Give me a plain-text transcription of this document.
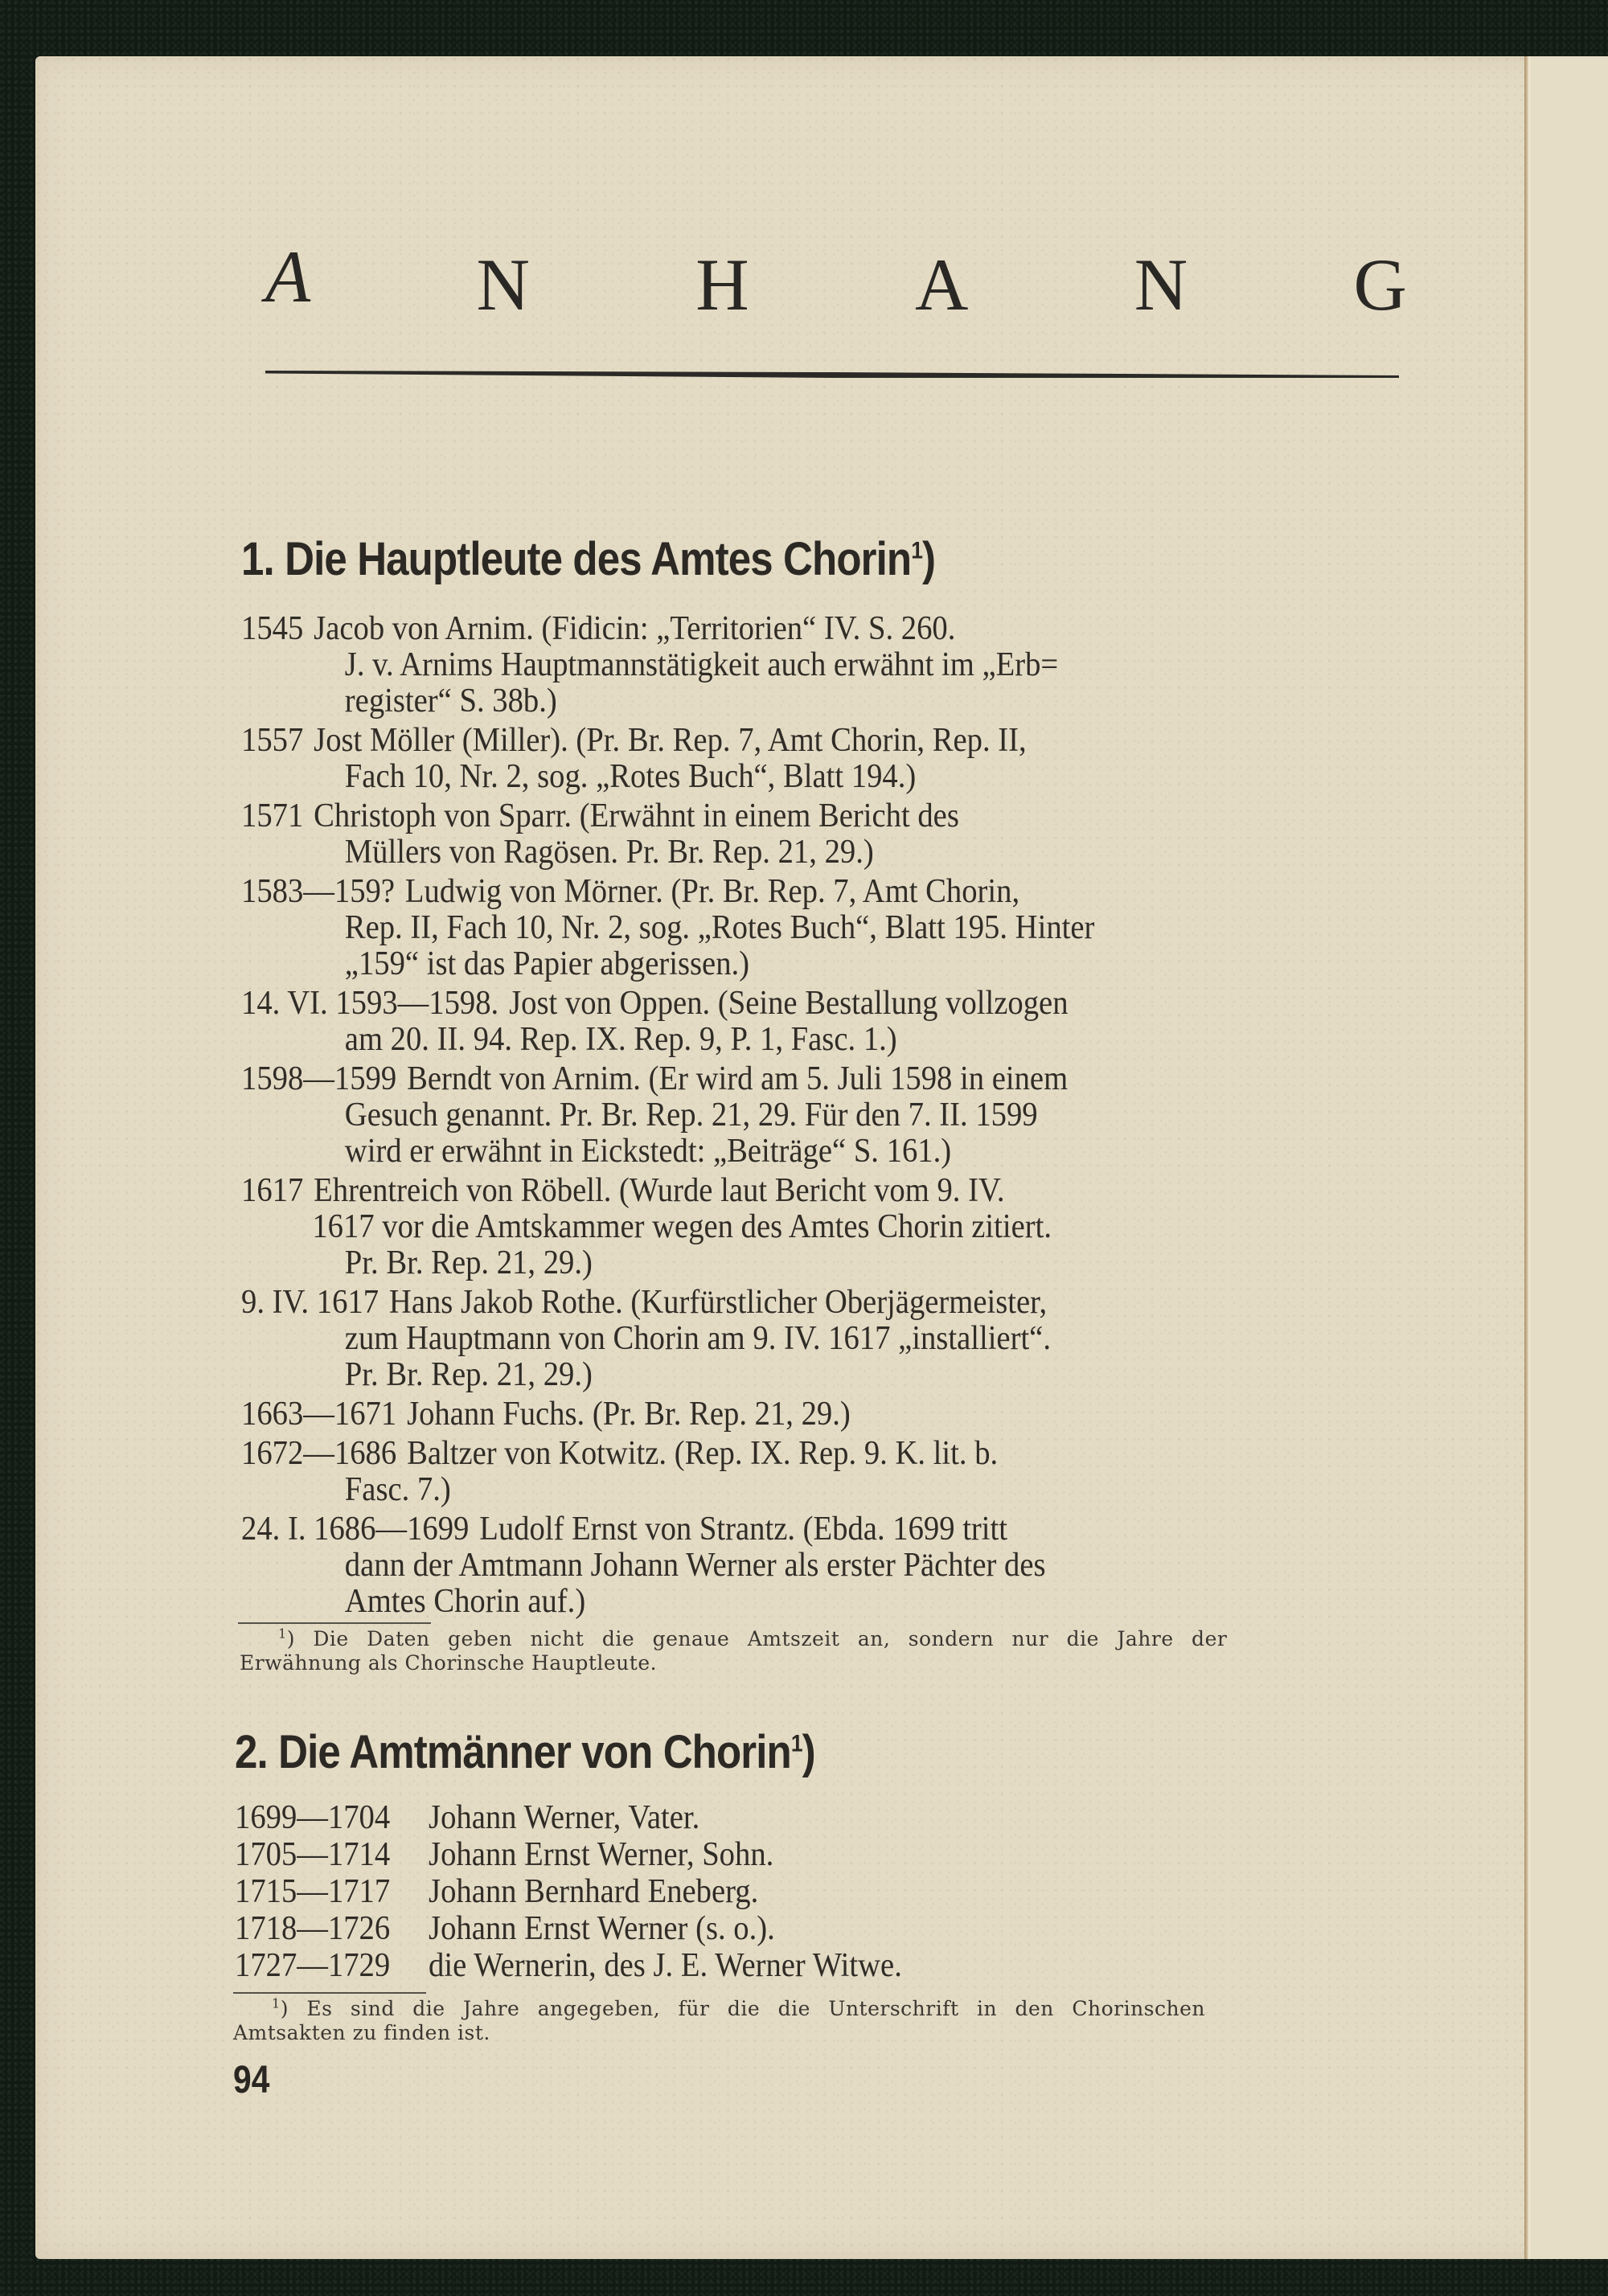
A N H A N G
1. Die Hauptleute des Amtes Chorin$^1$)
1545 Jacob von Arnim. (Fidicin: „Territorien“ IV. S. 260.
J. v. Arnims Hauptmannstätigkeit auch erwähnt im „Erb=
register“ S. 38b.)
1557 Jost Möller (Miller). (Pr. Br. Rep. 7, Amt Chorin, Rep. II,
Fach 10, Nr. 2, sog. „Rotes Buch“, Blatt 194.)
1571 Christoph von Sparr. (Erwähnt in einem Bericht des
Müllers von Ragösen. Pr. Br. Rep. 21, 29.)
1583—159? Ludwig von Mörner. (Pr. Br. Rep. 7, Amt Chorin,
Rep. II, Fach 10, Nr. 2, sog. „Rotes Buch“, Blatt 195. Hinter
„159“ ist das Papier abgerissen.)
14. VI. 1593—1598. Jost von Oppen. (Seine Bestallung vollzogen
am 20. II. 94. Rep. IX. Rep. 9, P. 1, Fasc. 1.)
1598—1599 Berndt von Arnim. (Er wird am 5. Juli 1598 in einem
Gesuch genannt. Pr. Br. Rep. 21, 29. Für den 7. II. 1599
wird er erwähnt in Eickstedt: „Beiträge“ S. 161.)
1617 Ehrentreich von Röbell. (Wurde laut Bericht vom 9. IV.
1617 vor die Amtskammer wegen des Amtes Chorin zitiert.
Pr. Br. Rep. 21, 29.)
9. IV. 1617 Hans Jakob Rothe. (Kurfürstlicher Oberjägermeister,
zum Hauptmann von Chorin am 9. IV. 1617 „installiert“.
Pr. Br. Rep. 21, 29.)
1663—1671 Johann Fuchs. (Pr. Br. Rep. 21, 29.)
1672—1686 Baltzer von Kotwitz. (Rep. IX. Rep. 9. K. lit. b.
Fasc. 7.)
24. I. 1686—1699 Ludolf Ernst von Strantz. (Ebda. 1699 tritt
dann der Amtmann Johann Werner als erster Pächter des
Amtes Chorin auf.)
$^1$) Die Daten geben nicht die genaue Amtszeit an, sondern nur die Jahre der
Erwähnung als Chorinsche Hauptleute.
2. Die Amtmänner von Chorin$^1$)
1699—1704	Johann Werner, Vater.
1705—1714	Johann Ernst Werner, Sohn.
1715—1717	Johann Bernhard Eneberg.
1718—1726	Johann Ernst Werner (s. o.).
1727—1729	die Wernerin, des J. E. Werner Witwe.
$^1$) Es sind die Jahre angegeben, für die die Unterschrift in den Chorinschen
Amtsakten zu finden ist.
94
